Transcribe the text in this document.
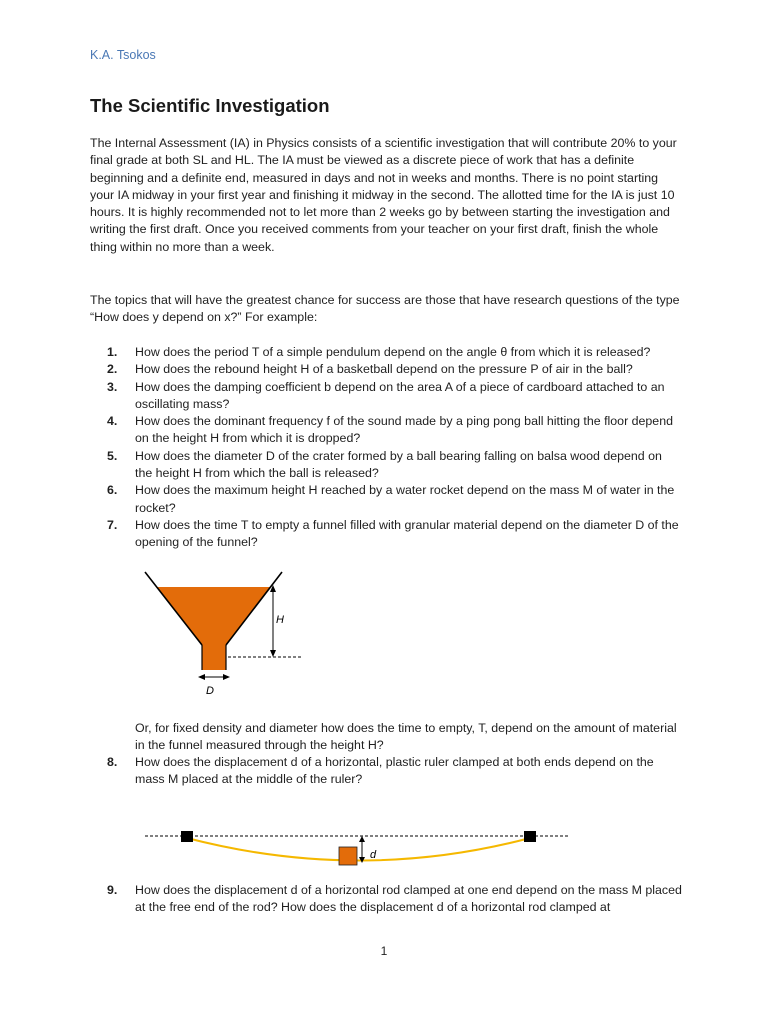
K.A. Tsokos
The Scientific Investigation

The Internal Assessment (IA) in Physics consists of a scientific investigation that will contribute 20% to your final grade at both SL and HL. The IA must be viewed as a discrete piece of work that has a definite beginning and a definite end, measured in days and not in weeks and months. There is no point starting your IA midway in your first year and finishing it midway in the second. The allotted time for the IA is just 10 hours. It is highly recommended not to let more than 2 weeks go by between starting the investigation and writing the first draft. Once you received comments from your teacher on your first draft, finish the whole thing within no more than a week.

The topics that will have the greatest chance for success are those that have research questions of the type “How does y depend on x?” For example:

1. How does the period T of a simple pendulum depend on the angle θ from which it is released?
2. How does the rebound height H of a basketball depend on the pressure P of air in the ball?
3. How does the damping coefficient b depend on the area A of a piece of cardboard attached to an oscillating mass?
4. How does the dominant frequency f of the sound made by a ping pong ball hitting the floor depend on the height H from which it is dropped?
5. How does the diameter D of the crater formed by a ball bearing falling on balsa wood depend on the height H from which the ball is released?
6. How does the maximum height H reached by a water rocket depend on the mass M of water in the rocket?
7. How does the time T to empty a funnel filled with granular material depend on the diameter D of the opening of the funnel?
H
D

Or, for fixed density and diameter how does the time to empty, T, depend on the amount of material in the funnel measured through the height H?

8. How does the displacement d of a horizontal, plastic ruler clamped at both ends depend on the mass M placed at the middle of the ruler?
d
9. How does the displacement d of a horizontal rod clamped at one end depend on the mass M placed at the free end of the rod? How does the displacement d of a horizontal rod clamped at
1
